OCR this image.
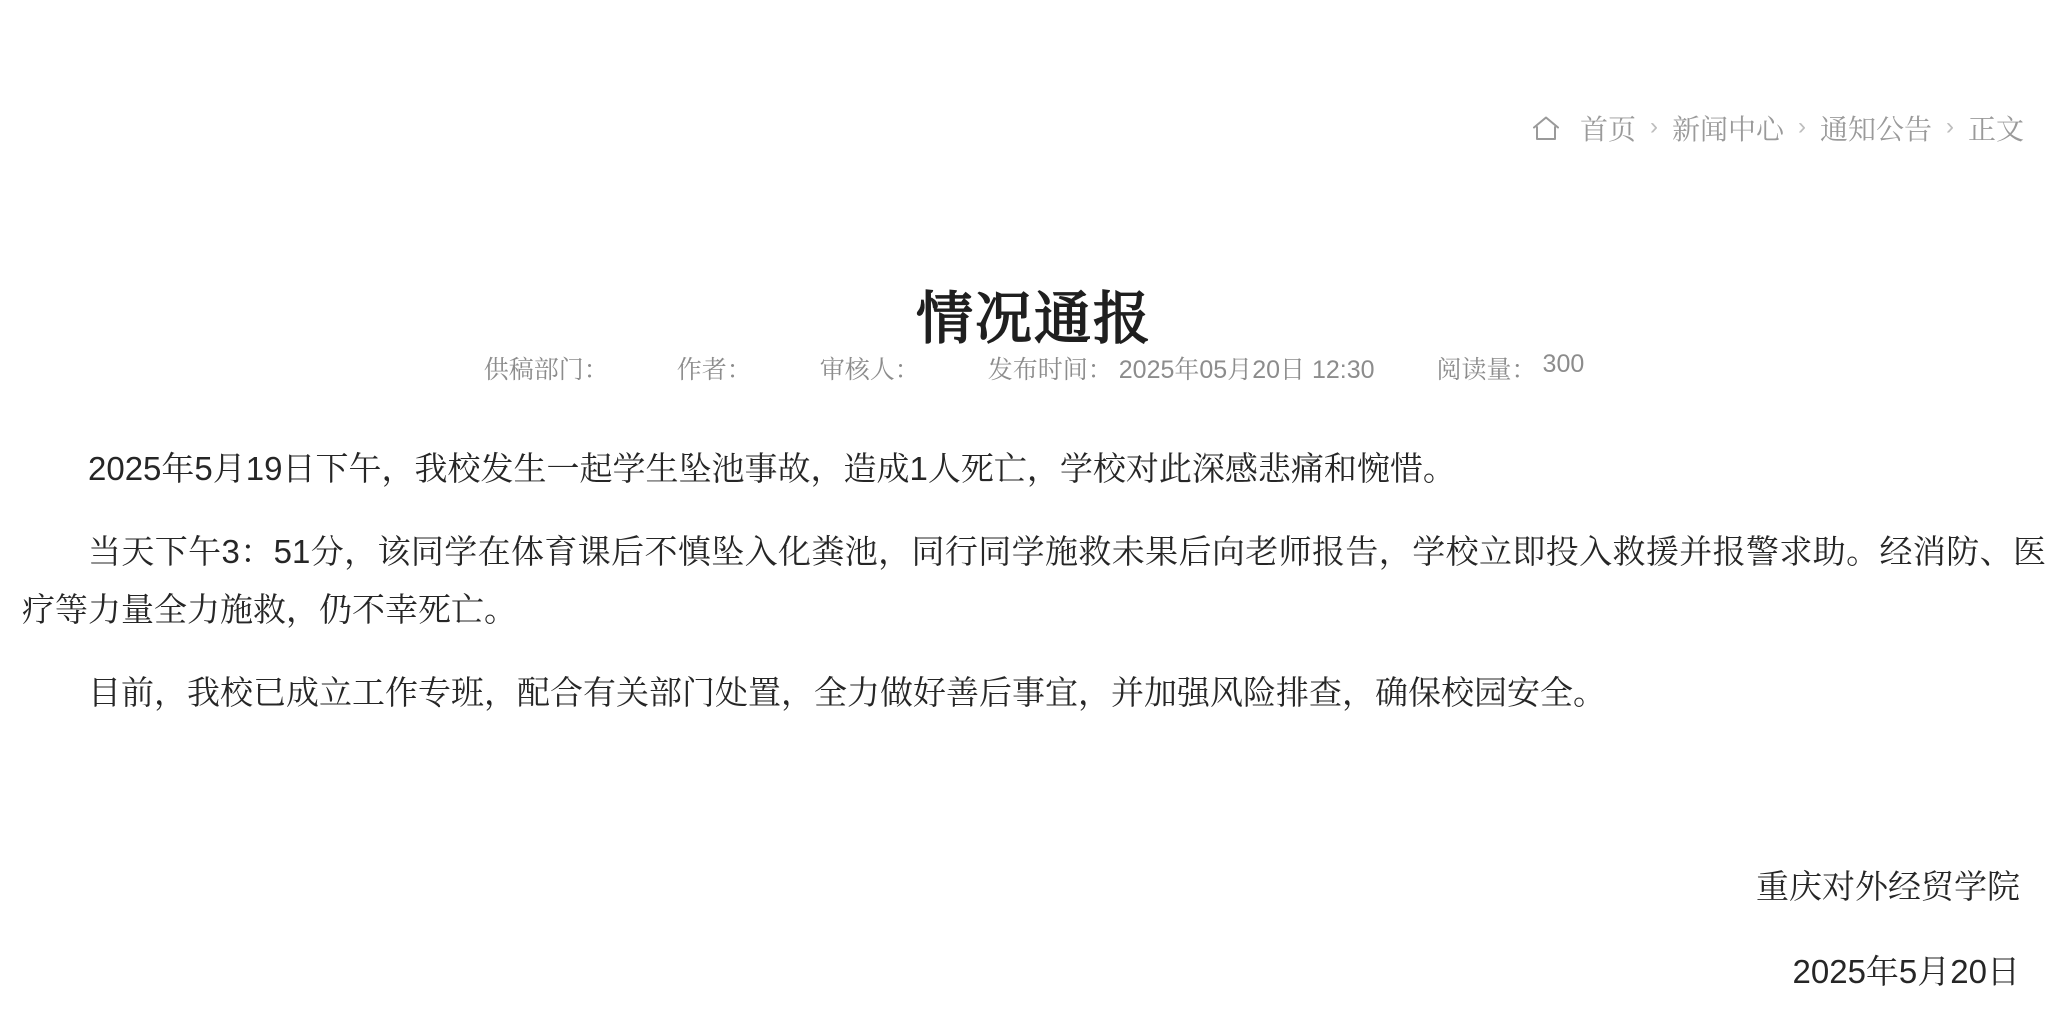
首页 › 新闻中心 › 通知公告 › 正文
情况通报
供稿部门：	作者：	审核人：	发布时间： 2025年05月20日 12:30 阅读量： 300

2025年5月19日下午，我校发生一起学生坠池事故，造成1人死亡，学校对此深感悲痛和惋惜。

当天下午3：51分，该同学在体育课后不慎坠入化粪池，同行同学施救未果后向老师报告，学校立即投入救援并报警求助。经消防、医疗等力量全力施救，仍不幸死亡。

目前，我校已成立工作专班，配合有关部门处置，全力做好善后事宜，并加强风险排查，确保校园安全。

重庆对外经贸学院
2025年5月20日
